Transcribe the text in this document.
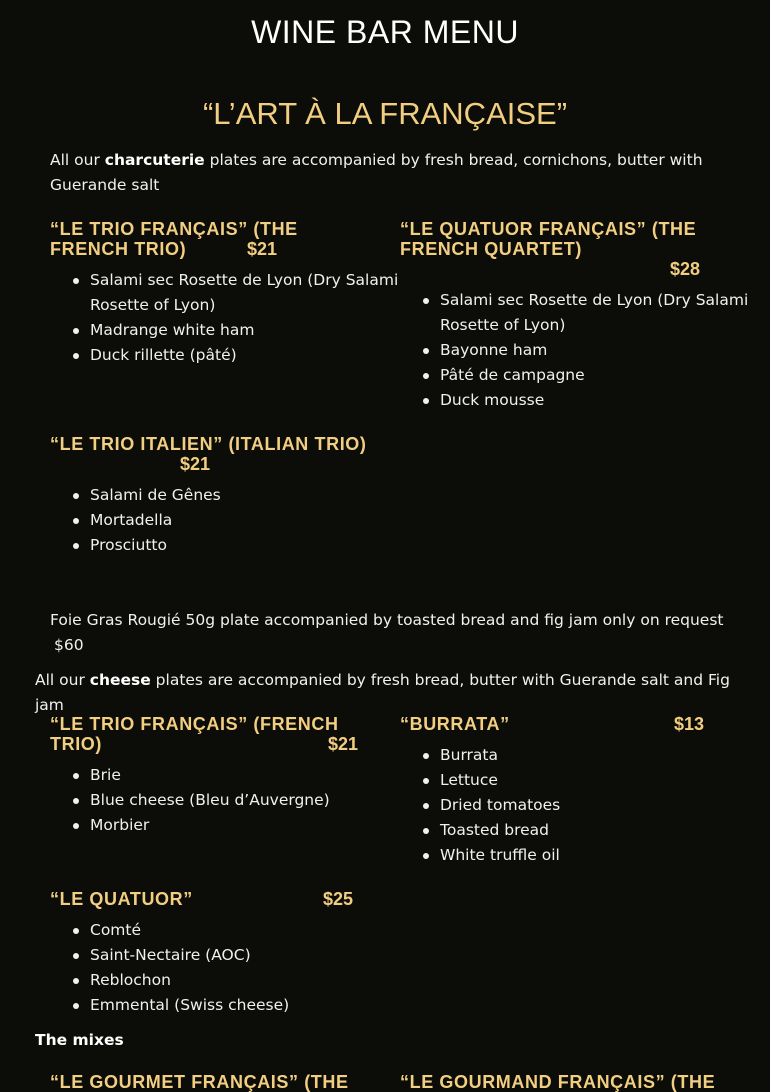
WINE BAR MENU
“L’ART À LA FRANÇAISE”
All our charcuterie plates are accompanied by fresh bread, cornichons, butter with Guerande salt
“LE TRIO FRANÇAIS” (THE
FRENCH TRIO)	$21
Salami sec Rosette de Lyon (Dry Salami Rosette of Lyon)
Madrange white ham
Duck rillette (pâté)
“LE QUATUOR FRANÇAIS” (THE
FRENCH QUARTET)
$28
Salami sec Rosette de Lyon (Dry Salami Rosette of Lyon)
Bayonne ham
Pâté de campagne
Duck mousse
“LE TRIO ITALIEN” (ITALIAN TRIO)
$21
Salami de Gênes
Mortadella
Prosciutto
Foie Gras Rougié 50g plate accompanied by toasted bread and fig jam only on request
$60
All our cheese plates are accompanied by fresh bread, butter with Guerande salt and Fig jam
“LE TRIO FRANÇAIS” (FRENCH
TRIO)	$21
Brie
Blue cheese (Bleu d’Auvergne)
Morbier
“BURRATA”	$13
Burrata
Lettuce
Dried tomatoes
Toasted bread
White truffle oil
“LE QUATUOR”	$25
Comté
Saint-Nectaire (AOC)
Reblochon
Emmental (Swiss cheese)
The mixes
“LE GOURMET FRANÇAIS” (THE	“LE GOURMAND FRANÇAIS” (THE
